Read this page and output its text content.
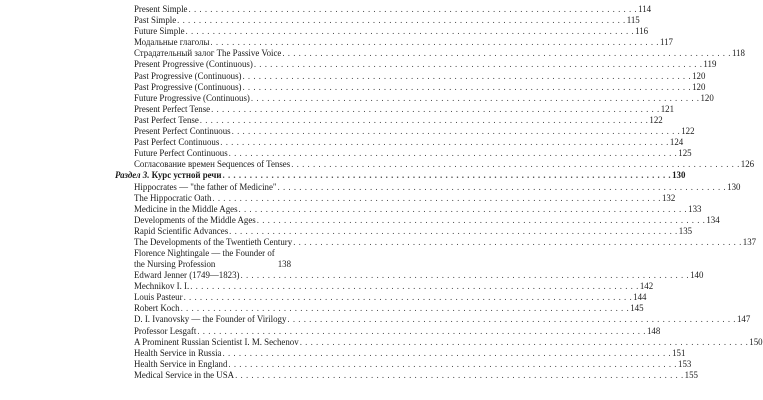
Present Simple . . .	114
Past Simple . . .	115
Future Simple . . .	116
Модальные глаголы . . .	117
Страдательный залог The Passive Voice . . .	118
Present Progressive (Continuous) . . .	119
Past Progressive (Continuous) . . .	120
Past Progressive (Continuous) . . .	120
Future Progressive (Continuous) . . .	120
Present Perfect Tense . . .	121
Past Perfect Tense . . .	122
Present Perfect Continuous . . .	122
Past Perfect Continuous . . .	124
Future Perfect Continuous . . .	125
Согласование времен Sequences of Tenses . . .	126
Раздел 3. Курс устной речи . . .	130
Hippocrates — "the father of Medicine" . . .	130
The Hippocratic Oath . . .	132
Medicine in the Middle Ages . . .	133
Developments of the Middle Ages . . .	134
Rapid Scientific Advances . . .	135
The Developments of the Twentieth Century . . .	137
Florence Nightingale — the Founder of the Nursing Profession	138
Edward Jenner (1749—1823) . . .	140
Mechnikov I. I. . . .	142
Louis Pasteur . . .	144
Robert Koch . . .	145
D. I. Ivanovsky — the Founder of Virilogy . . .	147
Professor Lesgaft . . .	148
A Prominent Russian Scientist I. M. Sechenov . . .	150
Health Service in Russia . . .	151
Health Service in England . . .	153
Medical Service in the USA . . .	155
